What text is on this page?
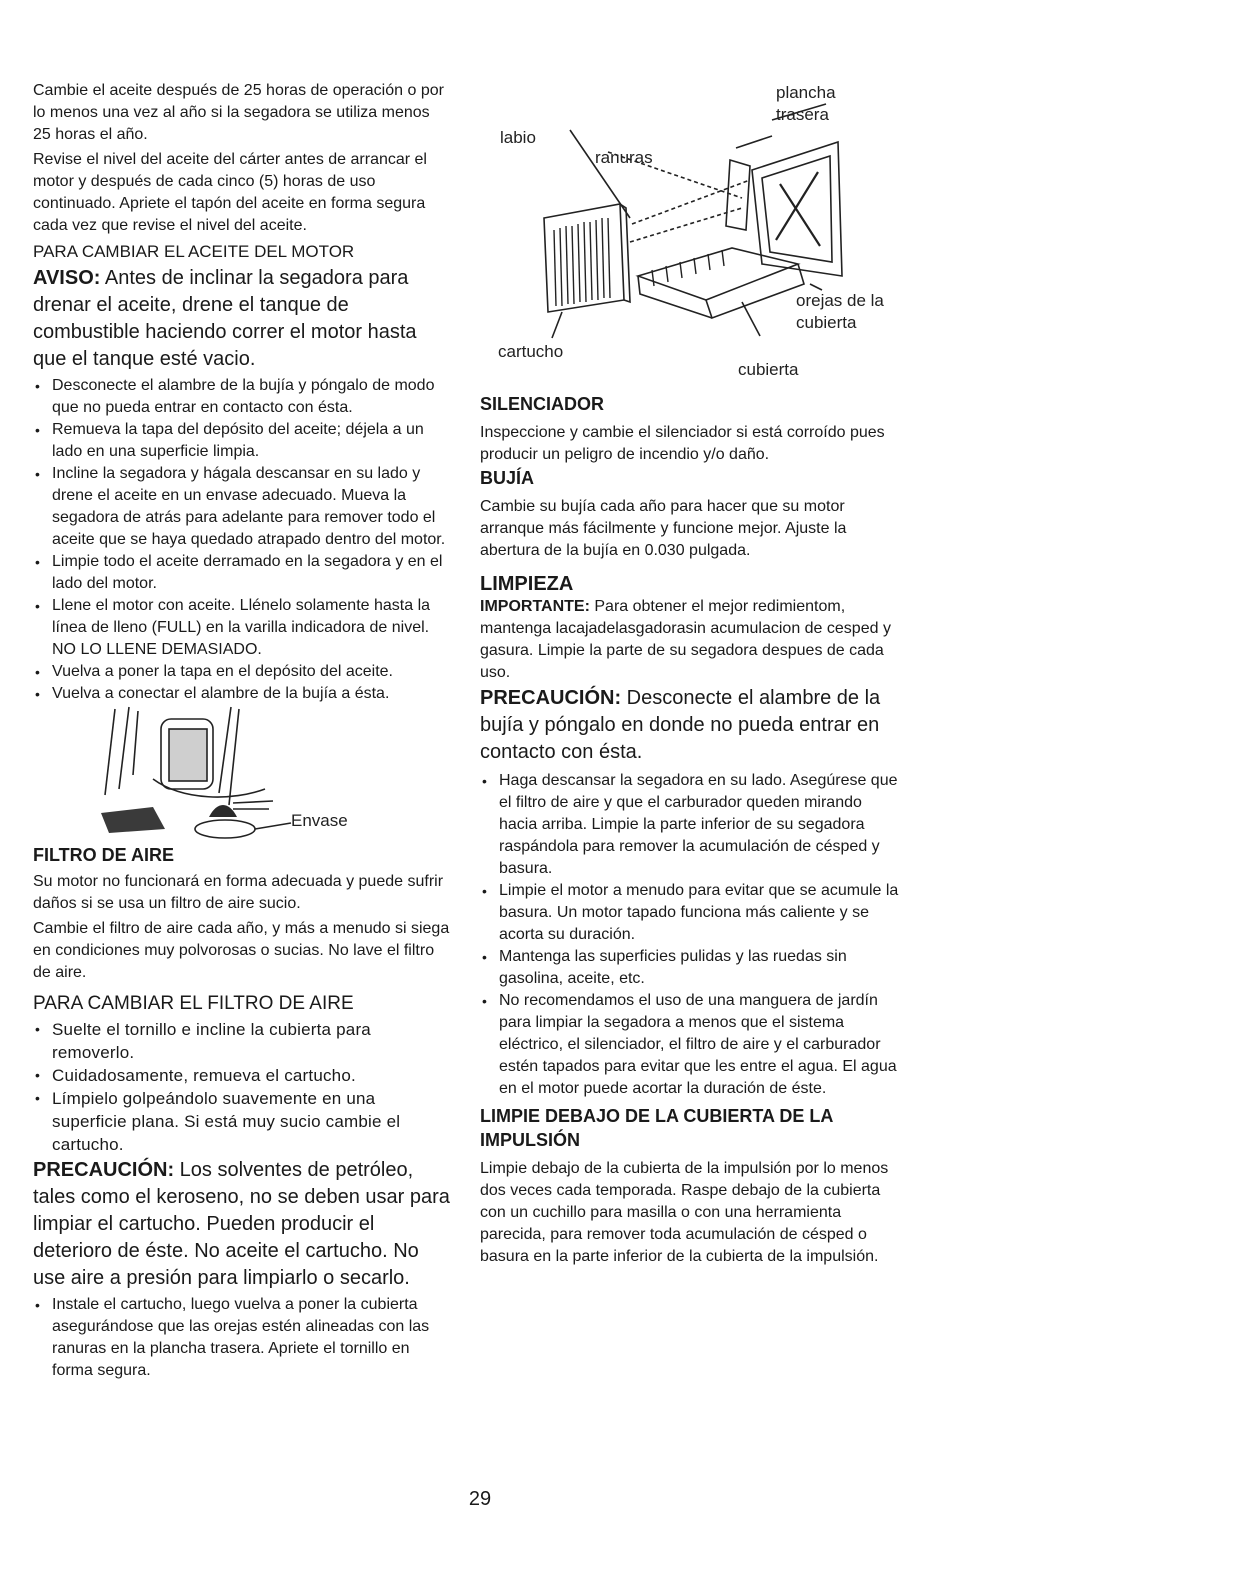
Cambie el aceite después de 25 horas de operación o por lo menos una vez al año si la segadora se utiliza menos 25 horas el año.

Revise el nivel del aceite del cárter antes de arrancar el motor y después de cada cinco (5) horas de uso continuado. Apriete el tapón del aceite en forma segura cada vez que revise el nivel del aceite.

PARA CAMBIAR EL ACEITE DEL MOTOR

AVISO: Antes de inclinar la segadora para drenar el aceite, drene el tanque de combustible haciendo correr el motor hasta que el tanque esté vacio.

• Desconecte el alambre de la bujía y póngalo de modo que no pueda entrar en contacto con ésta.
• Remueva la tapa del depósito del aceite; déjela a un lado en una superficie limpia.
• Incline la segadora y hágala descansar en su lado y drene el aceite en un envase adecuado. Mueva la segadora de atrás para adelante para remover todo el aceite que se haya quedado atrapado dentro del motor.
• Limpie todo el aceite derramado en la segadora y en el lado del motor.
• Llene el motor con aceite. Llénelo solamente hasta la línea de lleno (FULL) en la varilla indicadora de nivel. NO LO LLENE DEMASIADO.
• Vuelva a poner la tapa en el depósito del aceite.
• Vuelva a conectar el alambre de la bujía a ésta.
Envase

FILTRO DE AIRE

Su motor no funcionará en forma adecuada y puede sufrir daños si se usa un filtro de aire sucio.

Cambie el filtro de aire cada año, y más a menudo si siega en condiciones muy polvorosas o sucias. No lave el filtro de aire.

PARA CAMBIAR EL FILTRO DE AIRE

• Suelte el tornillo e incline la cubierta para removerlo.
• Cuidadosamente, remueva el cartucho.
• Límpielo golpeándolo suavemente en una superficie plana. Si está muy sucio cambie el cartucho.

PRECAUCIÓN: Los solventes de petróleo, tales como el keroseno, no se deben usar para limpiar el cartucho. Pueden producir el deterioro de éste. No aceite el cartucho. No use aire a presión para limpiarlo o secarlo.

• Instale el cartucho, luego vuelva a poner la cubierta asegurándose que las orejas estén alineadas con las ranuras en la plancha trasera. Apriete el tornillo en forma segura.
plancha trasera
labio
ranuras
orejas de la cubierta
cartucho
cubierta

SILENCIADOR

Inspeccione y cambie el silenciador si está corroído pues producir un peligro de incendio y/o daño.

BUJÍA

Cambie su bujía cada año para hacer que su motor arranque más fácilmente y funcione mejor. Ajuste la abertura de la bujía en 0.030 pulgada.

LIMPIEZA

IMPORTANTE: Para obtener el mejor redimientom, mantenga lacajadelasgadorasin acumulacion de cesped y gasura. Limpie la parte de su segadora despues de cada uso.

PRECAUCIÓN: Desconecte el alambre de la bujía y póngalo en donde no pueda entrar en contacto con ésta.

• Haga descansar la segadora en su lado. Asegúrese que el filtro de aire y que el carburador queden mirando hacia arriba. Limpie la parte inferior de su segadora raspándola para remover la acumulación de césped y basura.
• Limpie el motor a menudo para evitar que se acumule la basura. Un motor tapado funciona más caliente y se acorta su duración.
• Mantenga las superficies pulidas y las ruedas sin gasolina, aceite, etc.
• No recomendamos el uso de una manguera de jardín para limpiar la segadora a menos que el sistema eléctrico, el silenciador, el filtro de aire y el carburador estén tapados para evitar que les entre el agua. El agua en el motor puede acortar la duración de éste.

LIMPIE DEBAJO DE LA CUBIERTA DE LA IMPULSIÓN

Limpie debajo de la cubierta de la impulsión por lo menos dos veces cada temporada. Raspe debajo de la cubierta con un cuchillo para masilla o con una herramienta parecida, para remover toda acumulación de césped o basura en la parte inferior de la cubierta de la impulsión.

29
